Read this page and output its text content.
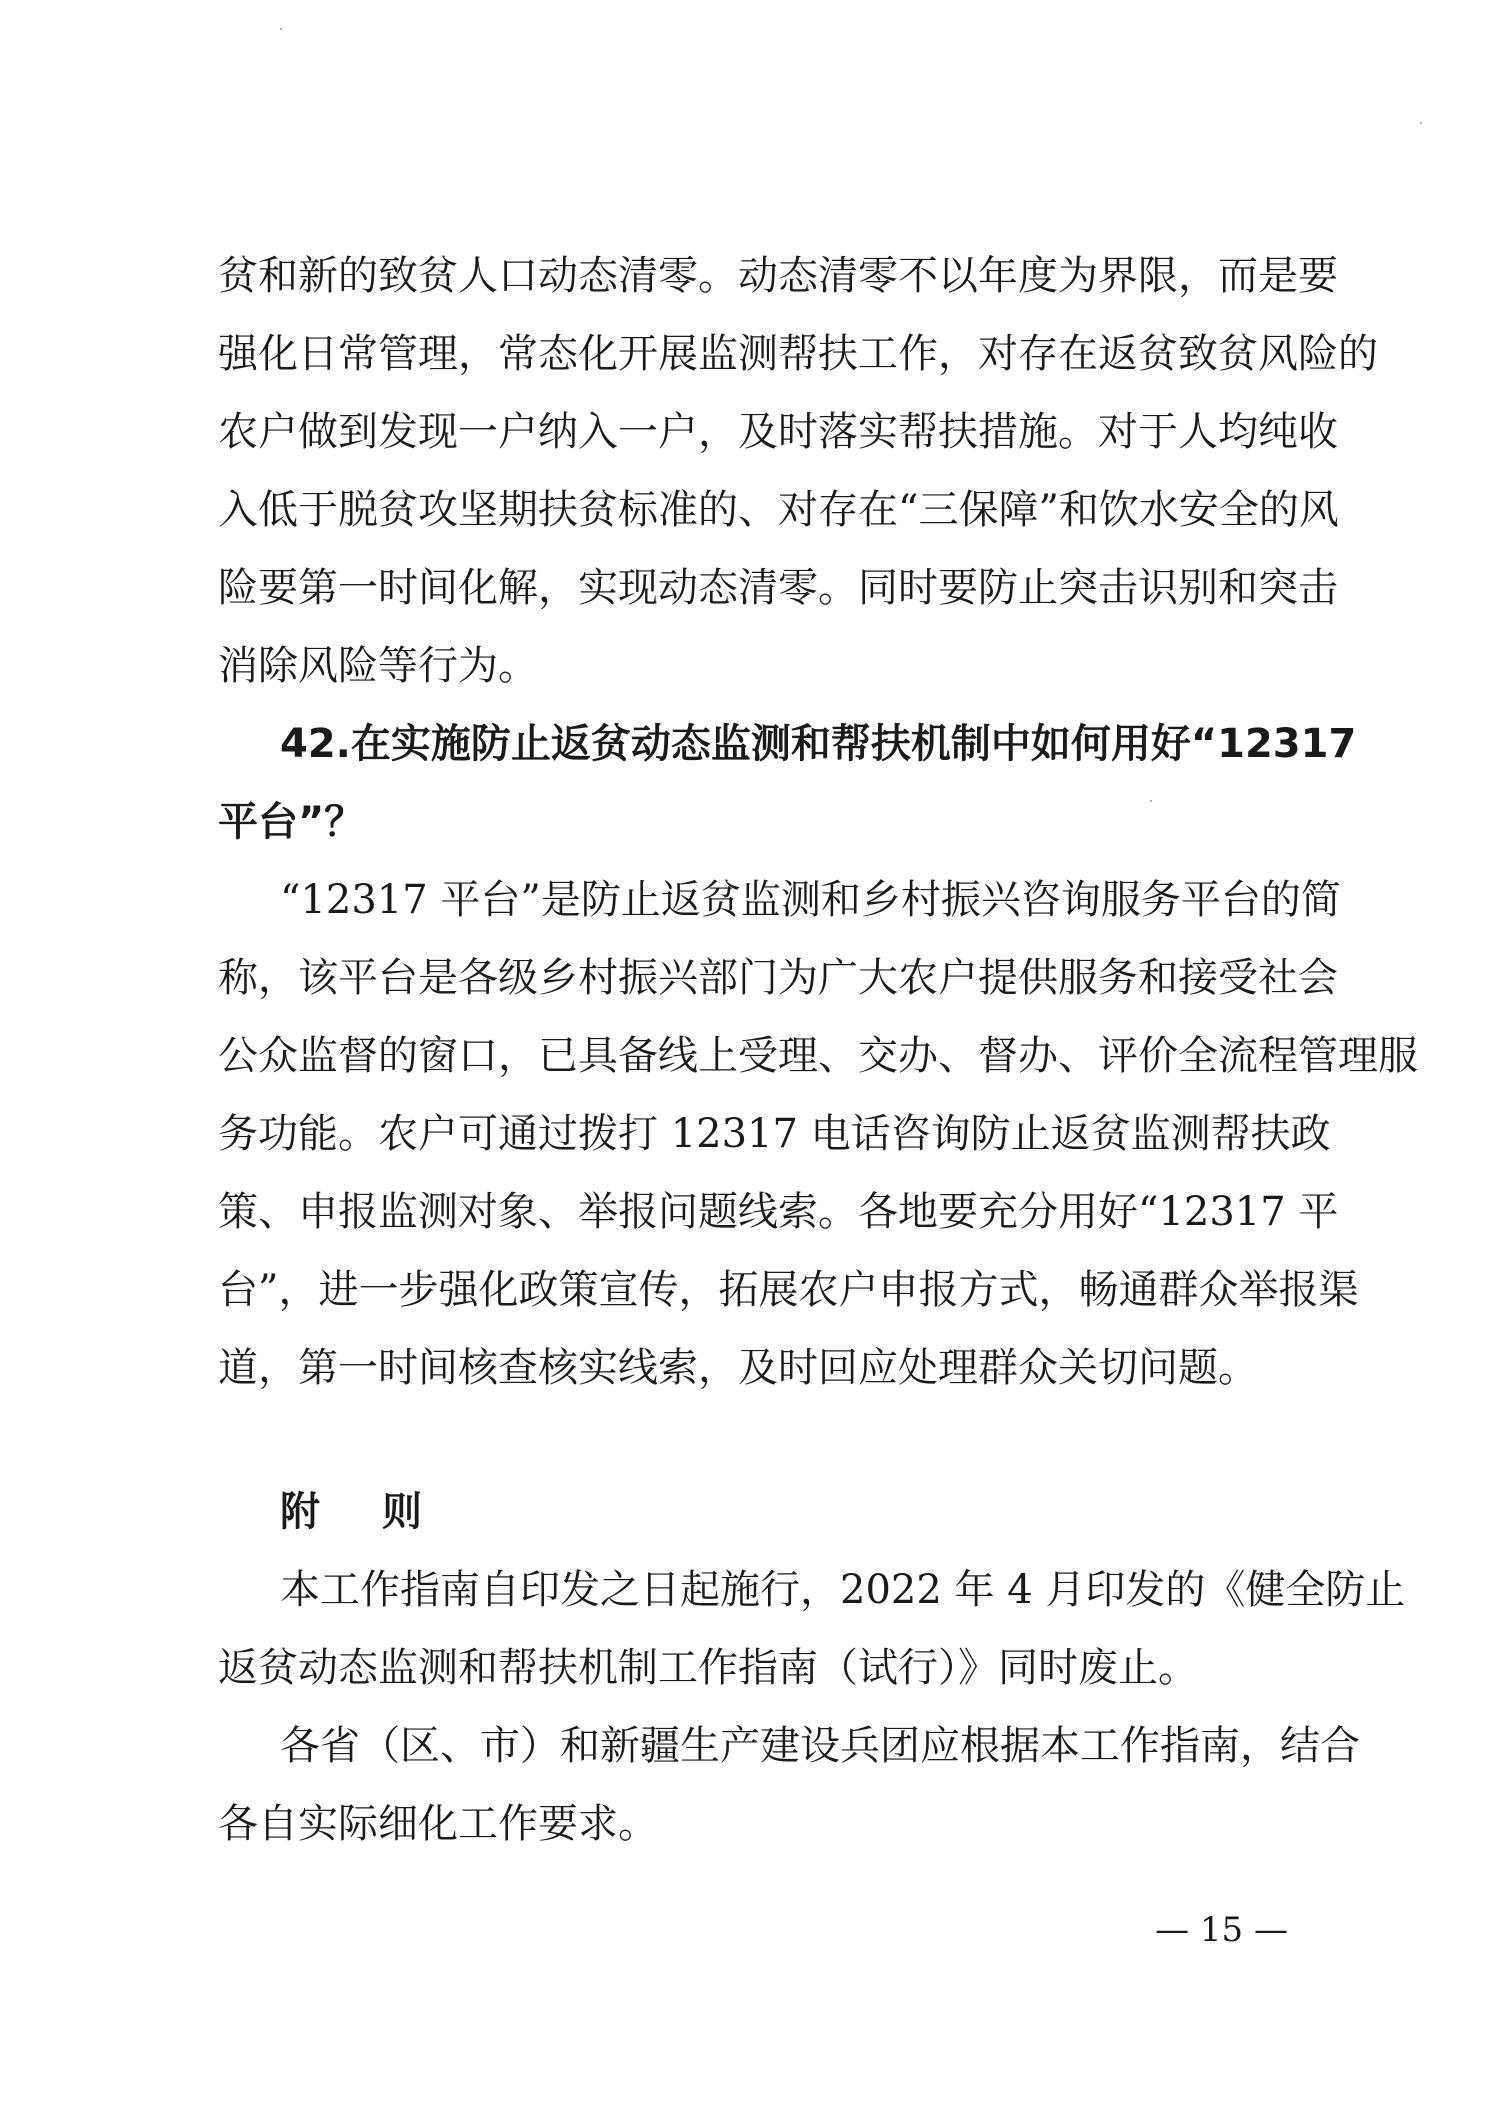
贫和新的致贫人口动态清零。动态清零不以年度为界限，而是要
强化日常管理，常态化开展监测帮扶工作，对存在返贫致贫风险的
农户做到发现一户纳入一户，及时落实帮扶措施。对于人均纯收
入低于脱贫攻坚期扶贫标准的、对存在“三保障”和饮水安全的风
险要第一时间化解，实现动态清零。同时要防止突击识别和突击
消除风险等行为。
42.在实施防止返贫动态监测和帮扶机制中如何用好“12317
平台”？
“12317 平台”是防止返贫监测和乡村振兴咨询服务平台的简
称，该平台是各级乡村振兴部门为广大农户提供服务和接受社会
公众监督的窗口，已具备线上受理、交办、督办、评价全流程管理服
务功能。农户可通过拨打 12317 电话咨询防止返贫监测帮扶政
策、申报监测对象、举报问题线索。各地要充分用好“12317 平
台”，进一步强化政策宣传，拓展农户申报方式，畅通群众举报渠
道，第一时间核查核实线索，及时回应处理群众关切问题。
附则
本工作指南自印发之日起施行，2022 年 4 月印发的《健全防止
返贫动态监测和帮扶机制工作指南（试行）》同时废止。
各省（区、市）和新疆生产建设兵团应根据本工作指南，结合
各自实际细化工作要求。
— 15 —
